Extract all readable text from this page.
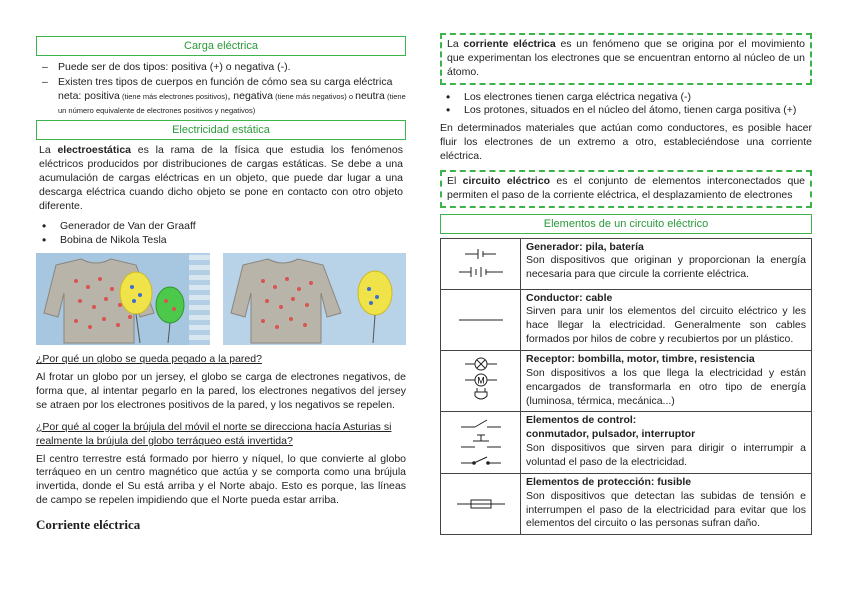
Carga eléctrica
– Puede ser de dos tipos: positiva (+) o negativa (-).
– Existen tres tipos de cuerpos en función de cómo sea su carga eléctrica neta: positiva (tiene más electrones positivos), negativa (tiene más negativos) o neutra (tiene un número equivalente de electrones positivos y negativos)
Electricidad estática

La electroestática es la rama de la física que estudia los fenómenos eléctricos producidos por distribuciones de cargas estáticas. Se debe a una acumulación de cargas eléctricas en un objeto, que puede dar lugar a una descarga eléctrica cuando dicho objeto se pone en contacto con otro objeto diferente.

• Generador de Van der Graaff
• Bobina de Nikola Tesla

¿Por qué un globo se queda pegado a la pared?

Al frotar un globo por un jersey, el globo se carga de electrones negativos, de forma que, al intentar pegarlo en la pared, los electrones negativos del jersey se atraen por los electrones positivos de la pared, y los negativos se repelen.

¿Por qué al coger la brújula del móvil el norte se direcciona hacía Asturias si realmente la brújula del globo terráqueo está invertida?

El centro terrestre está formado por hierro y níquel, lo que convierte al globo terráqueo en un centro magnético que actúa y se comporta como una brújula invertida, donde el Su está arriba y el Norte abajo. Esto es porque, las líneas de campo se repelen impidiendo que el Norte pueda estar arriba.

Corriente eléctrica

La corriente eléctrica es un fenómeno que se origina por el movimiento que experimentan los electrones que se encuentran entorno al núcleo de un átomo.
• Los electrones tienen carga eléctrica negativa (-)
• Los protones, situados en el núcleo del átomo, tienen carga positiva (+)

En determinados materiales que actúan como conductores, es posible hacer fluir los electrones de un extremo a otro, estableciéndose una corriente eléctrica.

El circuito eléctrico es el conjunto de elementos interconectados que permiten el paso de la corriente eléctrica, el desplazamiento de electrones
Elementos de un circuito eléctrico

Generador: pila, batería
Son dispositivos que originan y proporcionan la energía necesaria para que circule la corriente eléctrica.

Conductor: cable
Sirven para unir los elementos del circuito eléctrico y les hace llegar la electricidad. Generalmente son cables formados por hilos de cobre y recubiertos por un plástico.

M	Receptor: bombilla, motor, timbre, resistencia
Son dispositivos a los que llega la electricidad y están encargados de transformarla en otro tipo de energía (luminosa, térmica, mecánica...)

Elementos de control:
conmutador, pulsador, interruptor
Son dispositivos que sirven para dirigir o interrumpir a voluntad el paso de la electricidad.

Elementos de protección: fusible
Son dispositivos que detectan las subidas de tensión e interrumpen el paso de la electricidad para evitar que los elementos del circuito o las personas sufran daño.
